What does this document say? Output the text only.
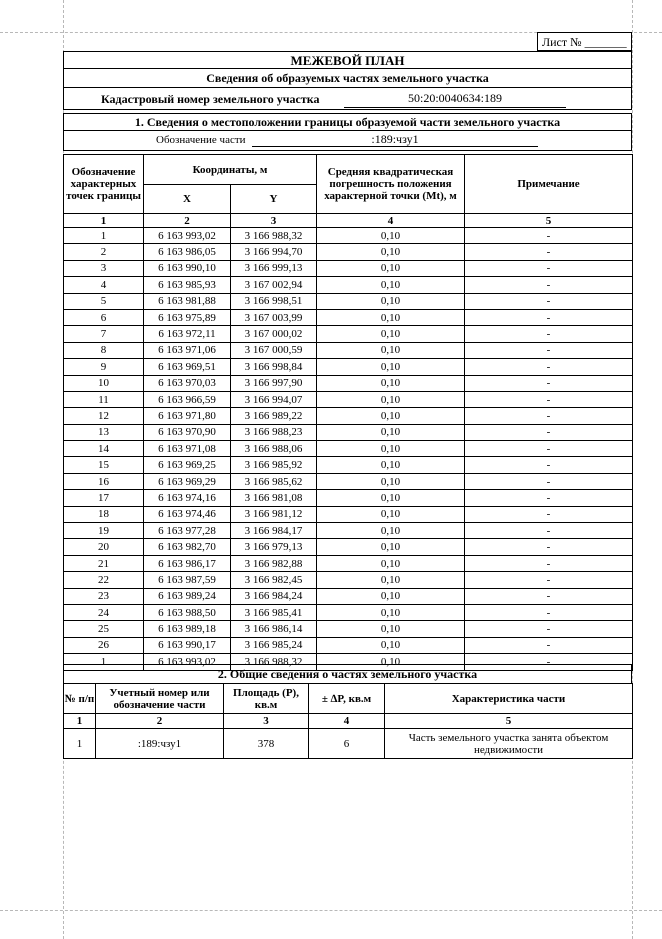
Лист № _______
МЕЖЕВОЙ ПЛАН
Сведения об образуемых частях земельного участка
Кадастровый номер земельного участка	50:20:0040634:189
1. Сведения о местоположении границы образуемой части земельного участка
Обозначение части	:189:чзу1
Обозначение характерных точек границы	Координаты, м		Средняя квадратическая погрешность положения характерной точки (Mt), м	Примечание
	X	Y		
1	2	3	4	5
1	6 163 993,02	3 166 988,32	0,10	-
2	6 163 986,05	3 166 994,70	0,10	-
3	6 163 990,10	3 166 999,13	0,10	-
4	6 163 985,93	3 167 002,94	0,10	-
5	6 163 981,88	3 166 998,51	0,10	-
6	6 163 975,89	3 167 003,99	0,10	-
7	6 163 972,11	3 167 000,02	0,10	-
8	6 163 971,06	3 167 000,59	0,10	-
9	6 163 969,51	3 166 998,84	0,10	-
10	6 163 970,03	3 166 997,90	0,10	-
11	6 163 966,59	3 166 994,07	0,10	-
12	6 163 971,80	3 166 989,22	0,10	-
13	6 163 970,90	3 166 988,23	0,10	-
14	6 163 971,08	3 166 988,06	0,10	-
15	6 163 969,25	3 166 985,92	0,10	-
16	6 163 969,29	3 166 985,62	0,10	-
17	6 163 974,16	3 166 981,08	0,10	-
18	6 163 974,46	3 166 981,12	0,10	-
19	6 163 977,28	3 166 984,17	0,10	-
20	6 163 982,70	3 166 979,13	0,10	-
21	6 163 986,17	3 166 982,88	0,10	-
22	6 163 987,59	3 166 982,45	0,10	-
23	6 163 989,24	3 166 984,24	0,10	-
24	6 163 988,50	3 166 985,41	0,10	-
25	6 163 989,18	3 166 986,14	0,10	-
26	6 163 990,17	3 166 985,24	0,10	-
1	6 163 993,02	3 166 988,32	0,10	-
2. Общие сведения о частях земельного участка
№ п/п	Учетный номер или обозначение части	Площадь (P), кв.м	± ∆P, кв.м	Характеристика части
1	2	3	4	5
1	:189:чзу1	378	6	Часть земельного участка занята объектом недвижимости
